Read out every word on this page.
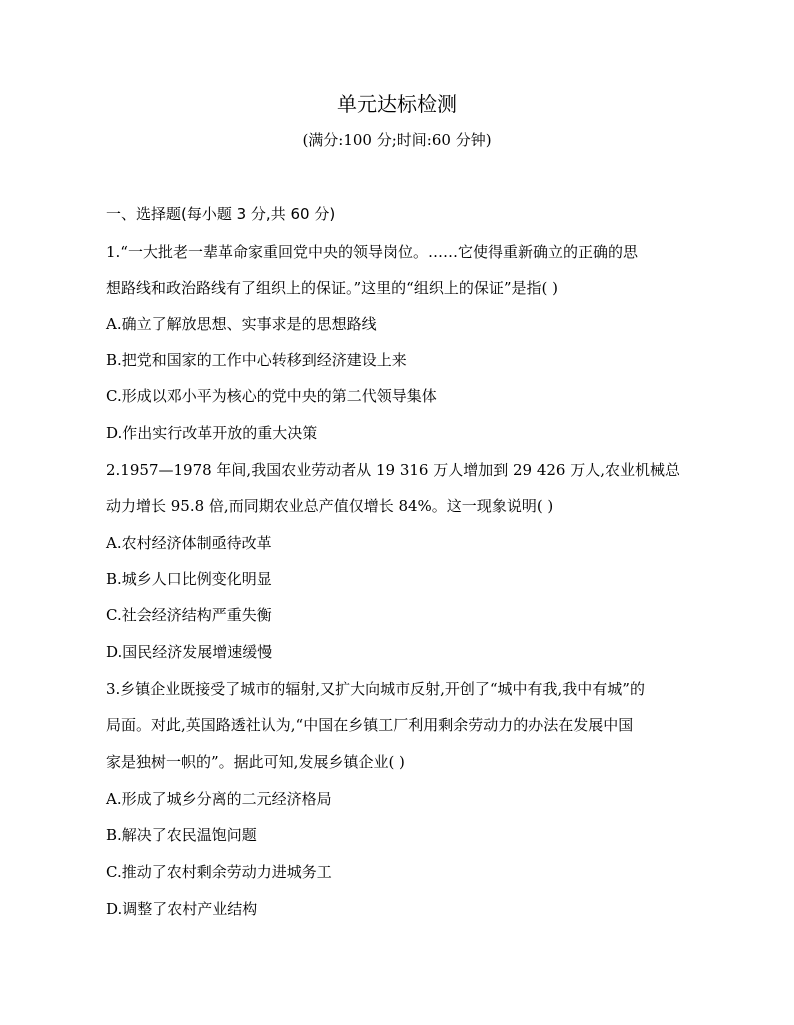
单元达标检测
(满分:100 分;时间:60 分钟)
一、选择题(每小题 3 分,共 60 分)
1.“一大批老一辈革命家重回党中央的领导岗位。……它使得重新确立的正确的思
想路线和政治路线有了组织上的保证。”这里的“组织上的保证”是指( )
A.确立了解放思想、实事求是的思想路线
B.把党和国家的工作中心转移到经济建设上来
C.形成以邓小平为核心的党中央的第二代领导集体
D.作出实行改革开放的重大决策
2.1957—1978 年间,我国农业劳动者从 19 316 万人增加到 29 426 万人,农业机械总
动力增长 95.8 倍,而同期农业总产值仅增长 84%。这一现象说明( )
A.农村经济体制亟待改革
B.城乡人口比例变化明显
C.社会经济结构严重失衡
D.国民经济发展增速缓慢
3.乡镇企业既接受了城市的辐射,又扩大向城市反射,开创了“城中有我,我中有城”的
局面。对此,英国路透社认为,“中国在乡镇工厂利用剩余劳动力的办法在发展中国
家是独树一帜的”。据此可知,发展乡镇企业( )
A.形成了城乡分离的二元经济格局
B.解决了农民温饱问题
C.推动了农村剩余劳动力进城务工
D.调整了农村产业结构
